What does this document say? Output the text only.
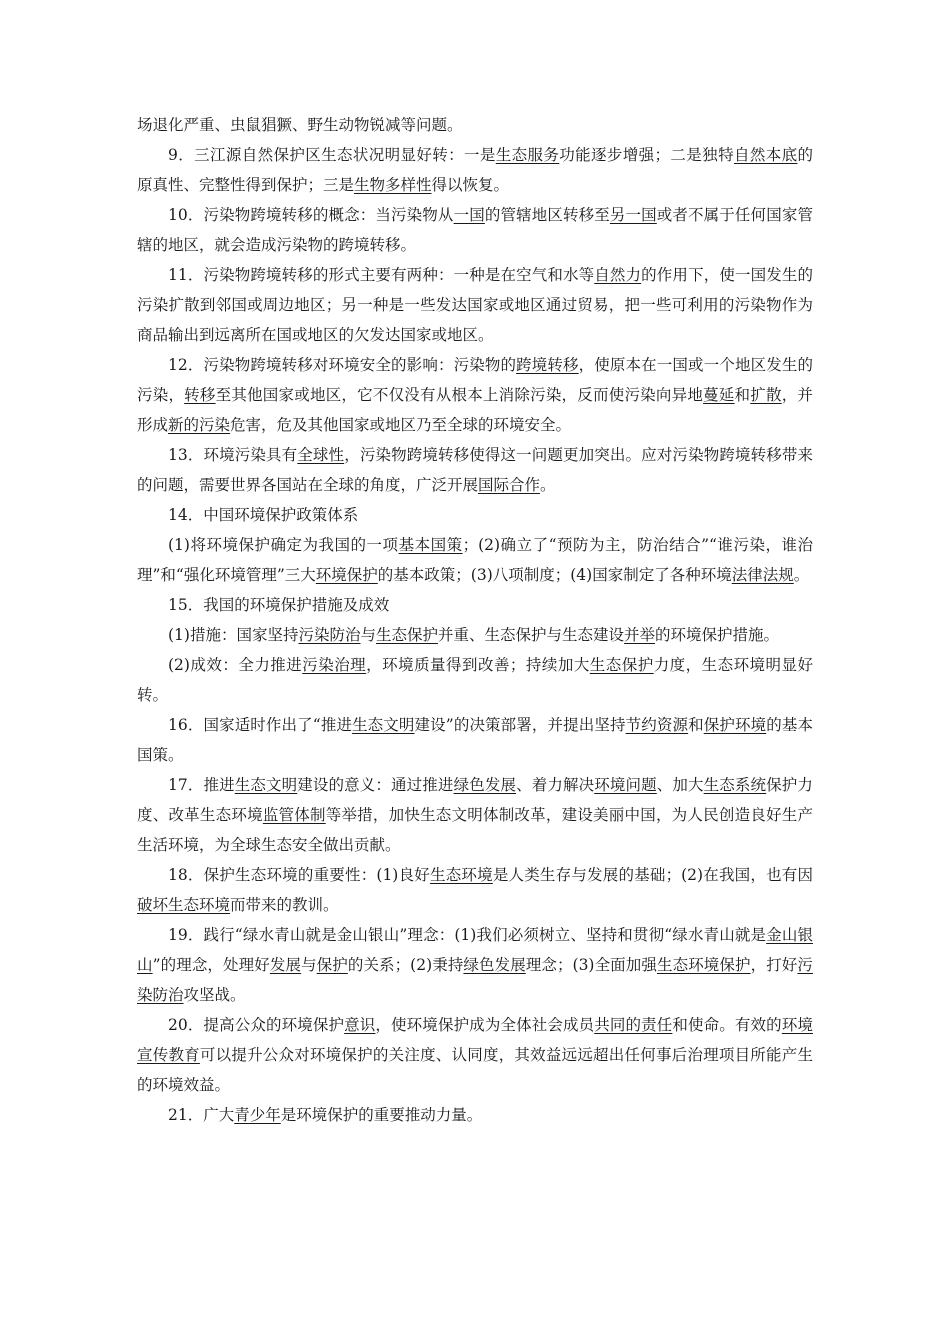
场退化严重、虫鼠猖獗、野生动物锐减等问题。

9．三江源自然保护区生态状况明显好转：一是生态服务功能逐步增强；二是独特自然本底的原真性、完整性得到保护；三是生物多样性得以恢复。

10．污染物跨境转移的概念：当污染物从一国的管辖地区转移至另一国或者不属于任何国家管辖的地区，就会造成污染物的跨境转移。

11．污染物跨境转移的形式主要有两种：一种是在空气和水等自然力的作用下，使一国发生的污染扩散到邻国或周边地区；另一种是一些发达国家或地区通过贸易，把一些可利用的污染物作为商品输出到远离所在国或地区的欠发达国家或地区。

12．污染物跨境转移对环境安全的影响：污染物的跨境转移，使原本在一国或一个地区发生的污染，转移至其他国家或地区，它不仅没有从根本上消除污染，反而使污染向异地蔓延和扩散，并形成新的污染危害，危及其他国家或地区乃至全球的环境安全。

13．环境污染具有全球性，污染物跨境转移使得这一问题更加突出。应对污染物跨境转移带来的问题，需要世界各国站在全球的角度，广泛开展国际合作。

14．中国环境保护政策体系

(1)将环境保护确定为我国的一项基本国策；(2)确立了“预防为主，防治结合”“谁污染，谁治理”和“强化环境管理”三大环境保护的基本政策；(3)八项制度；(4)国家制定了各种环境法律法规。

15．我国的环境保护措施及成效

(1)措施：国家坚持污染防治与生态保护并重、生态保护与生态建设并举的环境保护措施。

(2)成效：全力推进污染治理，环境质量得到改善；持续加大生态保护力度，生态环境明显好转。

16．国家适时作出了“推进生态文明建设”的决策部署，并提出坚持节约资源和保护环境的基本国策。

17．推进生态文明建设的意义：通过推进绿色发展、着力解决环境问题、加大生态系统保护力度、改革生态环境监管体制等举措，加快生态文明体制改革，建设美丽中国，为人民创造良好生产生活环境，为全球生态安全做出贡献。

18．保护生态环境的重要性：(1)良好生态环境是人类生存与发展的基础；(2)在我国，也有因破坏生态环境而带来的教训。

19．践行“绿水青山就是金山银山”理念：(1)我们必须树立、坚持和贯彻“绿水青山就是金山银山”的理念，处理好发展与保护的关系；(2)秉持绿色发展理念；(3)全面加强生态环境保护，打好污染防治攻坚战。

20．提高公众的环境保护意识，使环境保护成为全体社会成员共同的责任和使命。有效的环境宣传教育可以提升公众对环境保护的关注度、认同度，其效益远远超出任何事后治理项目所能产生的环境效益。

21．广大青少年是环境保护的重要推动力量。
